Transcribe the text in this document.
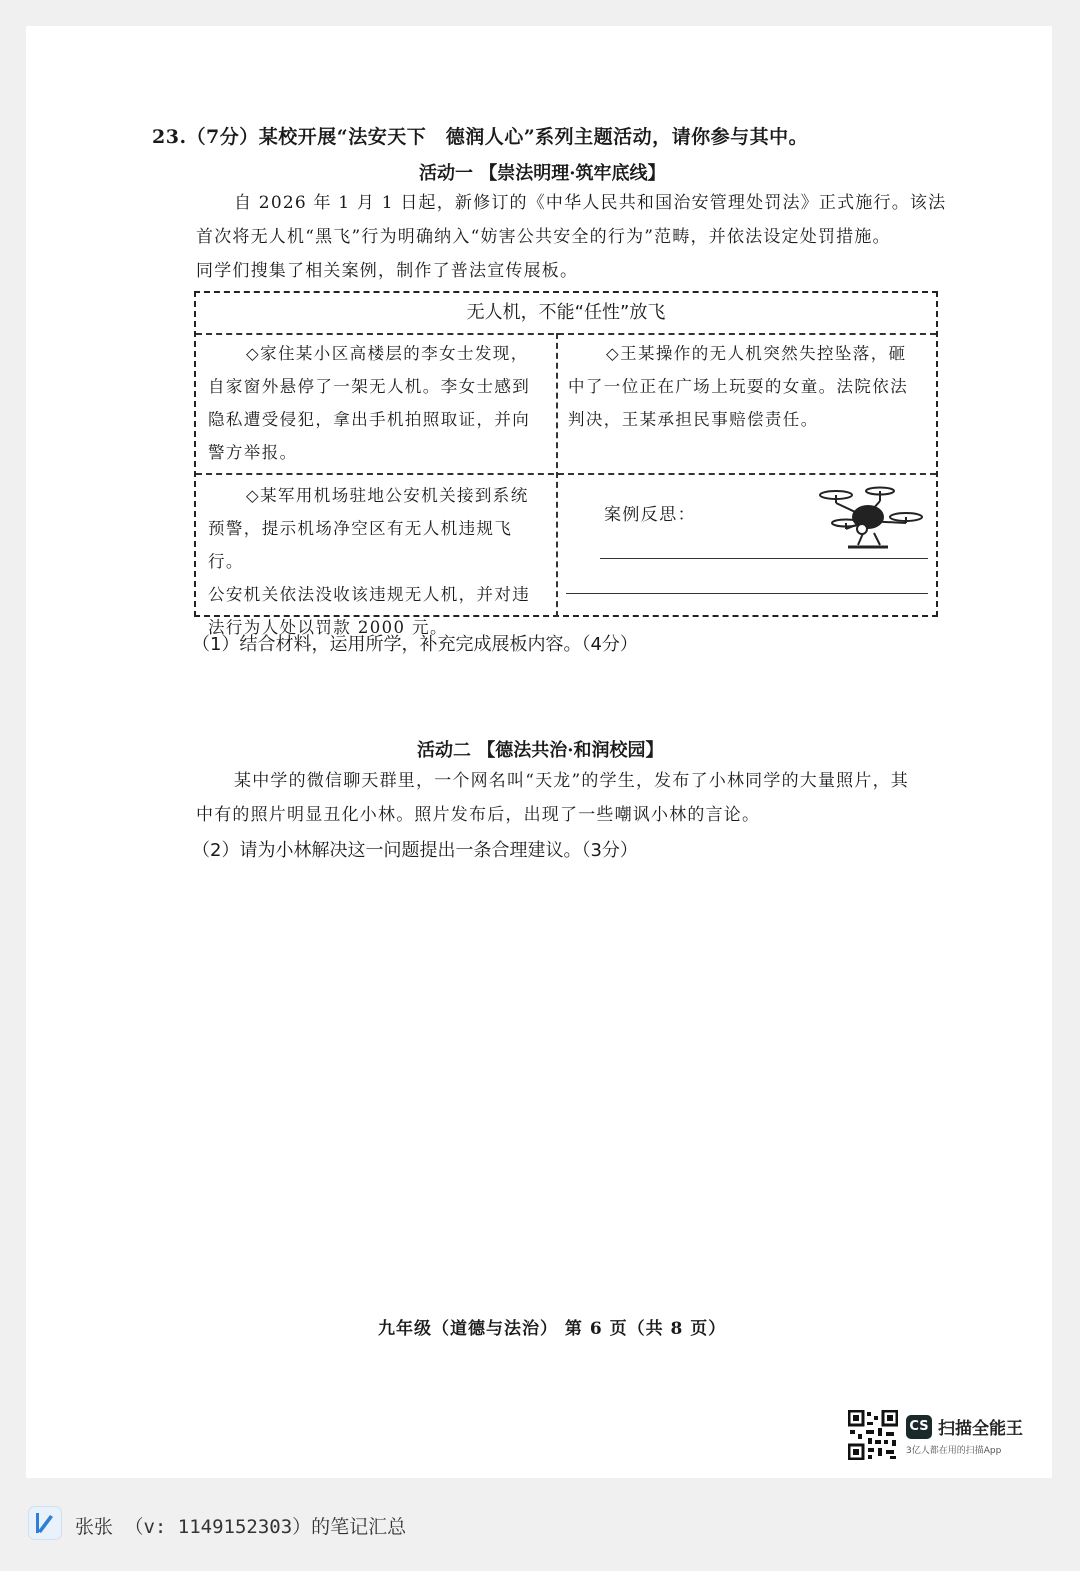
23.（7分）某校开展“法安天下　德润人心”系列主题活动，请你参与其中。
活动一 【崇法明理·筑牢底线】
自 2026 年 1 月 1 日起，新修订的《中华人民共和国治安管理处罚法》正式施行。该法
首次将无人机“黑飞”行为明确纳入“妨害公共安全的行为”范畴，并依法设定处罚措施。
同学们搜集了相关案例，制作了普法宣传展板。
无人机，不能“任性”放飞
◇家住某小区高楼层的李女士发现，
自家窗外悬停了一架无人机。李女士感到
隐私遭受侵犯，拿出手机拍照取证，并向
警方举报。
◇王某操作的无人机突然失控坠落，砸
中了一位正在广场上玩耍的女童。法院依法
判决，王某承担民事赔偿责任。
◇某军用机场驻地公安机关接到系统
预警，提示机场净空区有无人机违规飞行。
公安机关依法没收该违规无人机，并对违
法行为人处以罚款 2000 元。
案例反思：
（1）结合材料，运用所学，补充完成展板内容。（4分）
活动二 【德法共治·和润校园】
某中学的微信聊天群里，一个网名叫“天龙”的学生，发布了小林同学的大量照片，其
中有的照片明显丑化小林。照片发布后，出现了一些嘲讽小林的言论。
（2）请为小林解决这一问题提出一条合理建议。（3分）
九年级（道德与法治） 第 6 页（共 8 页）
CS 扫描全能王
3亿人都在用的扫描App
张张 （v: 1149152303）的笔记汇总
